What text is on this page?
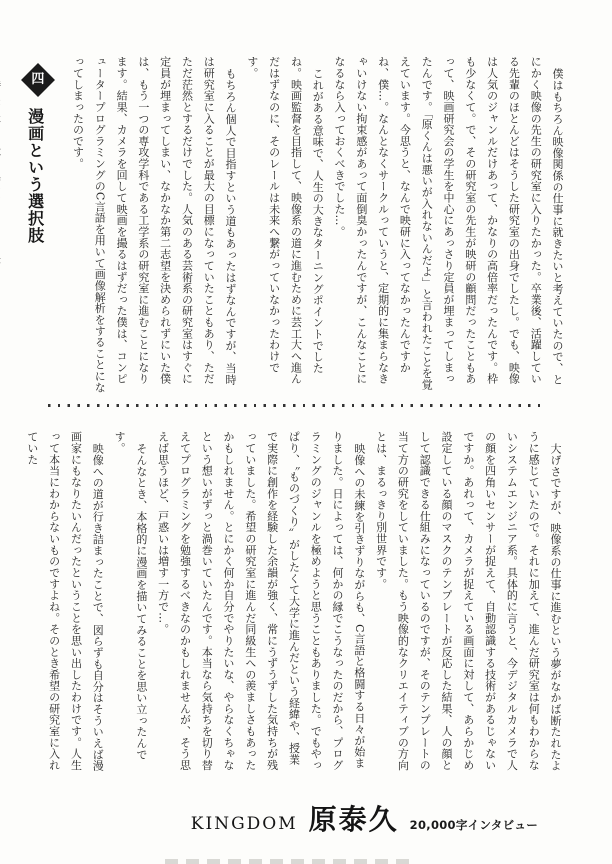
僕はもちろん映像関係の仕事に就きたいと考えていたので、とにかく映像の先生の研究室に入りたかった。卒業後、活躍している先輩のほとんどはそうした研究室の出身でしたし。でも、映像は人気のジャンルだけあって、かなりの高倍率だったんです。枠も少なくて。で、その研究室の先生が映研の顧問だったこともあって、映画研究会の学生を中心にあっさり定員が埋まってしまったんです。「原くんは悪いが入れないんだよ」と言われたことを覚えています。今思うと、なんで映研に入ってなかったんですかね、僕…。なんとなくサークルっていうと、定期的に集まらなきゃいけない拘束感があって面倒臭かったんですが、こんなことになるなら入っておくべきでした…。

これがある意味で、人生の大きなターニングポイントでしたね。映画監督を目指して、映像系の道に進むために芸工大へ進んだはずなのに、そのレールは未来へ繋がっていなかったわけです。

もちろん個人で目指すという道もあったはずなんですが、当時は研究室に入ることが最大の目標になっていたこともあり、ただただ茫然とするだけでした。人気のある芸術系の研究室はすぐに定員が埋まってしまい、なかなか第二志望を決められずにいた僕は、もう一つの専攻学科である工学系の研究室に進むことになります。結果、カメラを回して映画を撮るはずだった僕は、コンピュータープログラミングのC言語を用いて画像解析をすることになってしまったのです。

四
漫画という選択肢

大げさですが、映像系の仕事に進むという夢がなかば断たれたように感じていたので。それに加えて、進んだ研究室は何もわからないシステムエンジニア系。具体的に言うと、今デジタルカメラで人の顔を四角いセンサーが捉えて、自動認識する技術があるじゃないですか。あれって、カメラが捉えている画面に対して、あらかじめ設定している顔のマスクのテンプレートが反応した結果、人の顔として認識できる仕組みになっているのですが、そのテンプレートの当て方の研究をしていました。もう映像的なクリエイティブの方向とは、まるっきり別世界です。

映像への未練を引きずりながらも、C言語と格闘する日々が始まりました。日によっては、何かの縁でこうなったのだから、プログラミングのジャンルを極めようと思うこともありました。でもやっぱり、〝ものづくり〟がしたくて大学に進んだという経緯や、授業で実際に創作を経験した余韻が強く、常にうずうずした気持ちが残っていました。希望の研究室に進んだ同級生への羨ましさもあったかもしれません。とにかく何か自分でやりたいな、やらなくちゃなという想いがずっと渦巻いていたんです。本当なら気持ちを切り替えてプログラミングを勉強するべきなのかもしれませんが、そう思えば思うほど、戸惑いは増す一方で…。

そんなとき、本格的に漫画を描いてみることを思い立ったんです。

映像への道が行き詰まったことで、図らずも自分はそういえば漫画家にもなりたいんだったということを思い出したわけです。人生って本当にわからないものですよね。そのとき希望の研究室に入れていた

KINGDOM 原泰久 20,000字インタビュー
